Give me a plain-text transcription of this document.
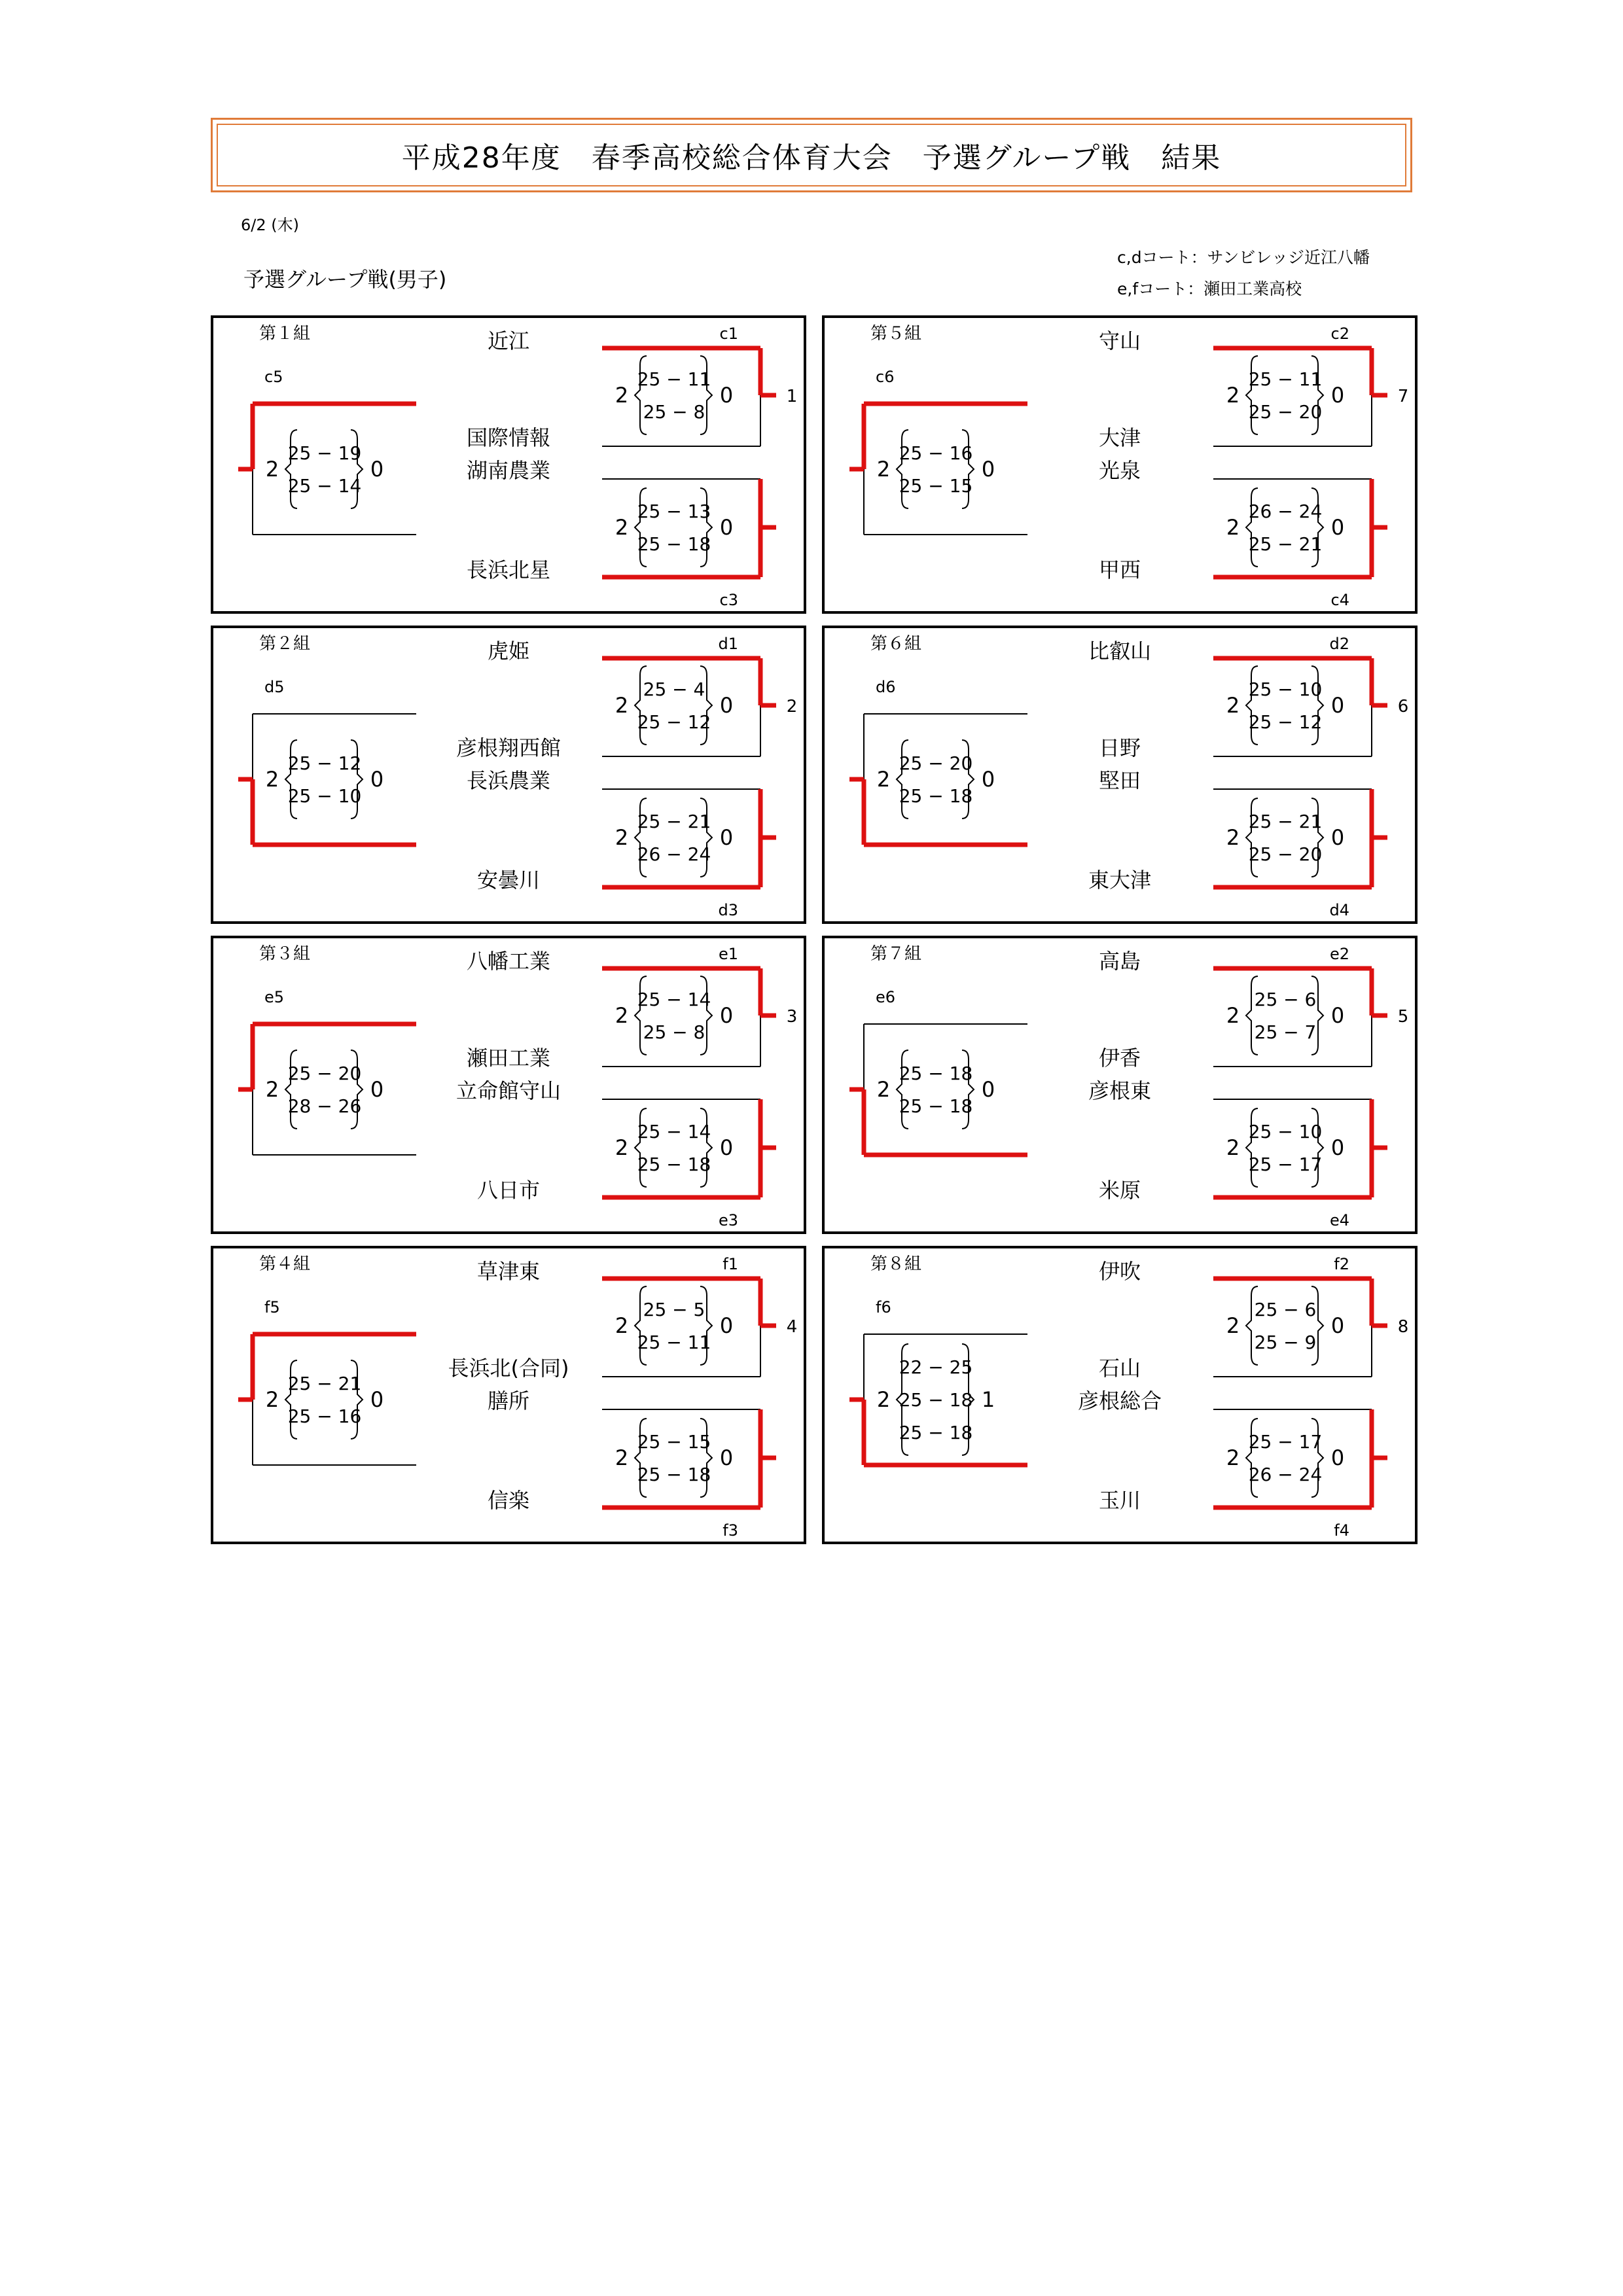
平成28年度　春季高校総合体育大会　予選グループ戦　結果
6/2 (木)
予選グループ戦(男子)
c,dコート：サンビレッジ近江八幡
e,fコート：瀬田工業高校
第１組
c5
c1
c3
近江
国際情報
湖南農業
長浜北星
2
25 − 19
25 − 14
0
2
25 − 11
25 − 8
0	1
2
25 − 13
25 − 18
0
第２組
d5
d1
d3
虎姫
彦根翔西館
長浜農業
安曇川
2
25 − 12
25 − 10
0
2
25 − 4
25 − 12
0	2
2
25 − 21
26 − 24
0
第３組
e5
e1
e3
八幡工業
瀬田工業
立命館守山
八日市
2
25 − 20
28 − 26
0
2
25 − 14
25 − 8
0	3
2
25 − 14
25 − 18
0
第４組
f5
f1
f3
草津東
長浜北(合同)
膳所
信楽
2
25 − 21
25 − 16
0
2
25 − 5
25 − 11
0	4
2
25 − 15
25 − 18
0
第５組
c6
c2
c4
守山
大津
光泉
甲西
2
25 − 16
25 − 15
0
2
25 − 11
25 − 20
0	7
2
26 − 24
25 − 21
0
第６組
d6
d2
d4
比叡山
日野
堅田
東大津
2
25 − 20
25 − 18
0
2
25 − 10
25 − 12
0	6
2
25 − 21
25 − 20
0
第７組
e6
e2
e4
高島
伊香
彦根東
米原
2
25 − 18
25 − 18
0
2
25 − 6
25 − 7
0	5
2
25 − 10
25 − 17
0
第８組
f6
f2
f4
伊吹
石山
彦根総合
玉川
2
22 − 25
25 − 18
25 − 18
1
2
25 − 6
25 − 9
0	8
2
25 − 17
26 − 24
0
